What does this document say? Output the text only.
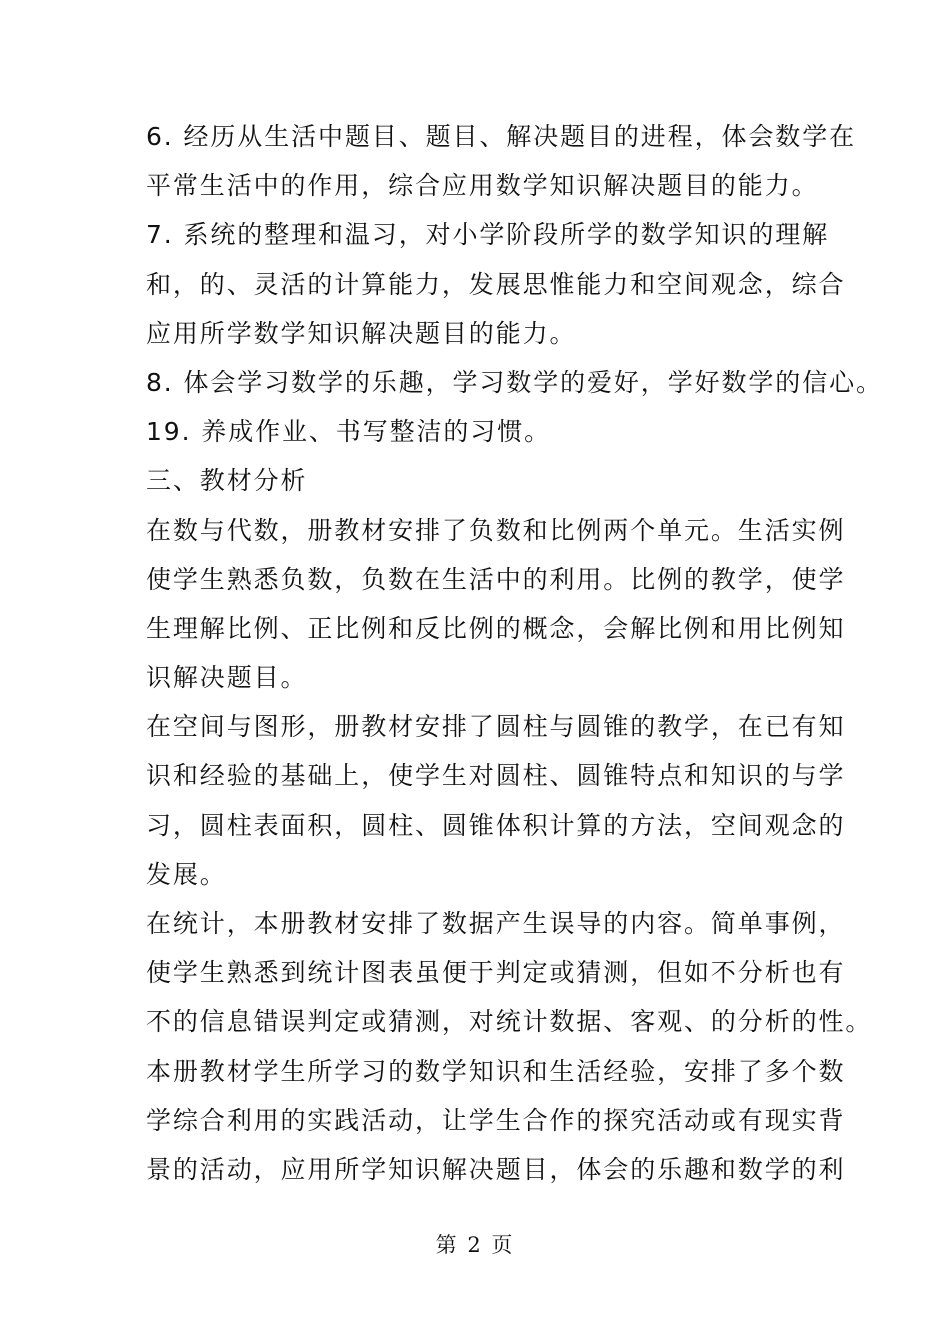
6. 经历从生活中题目、题目、解决题目的进程，体会数学在
平常生活中的作用，综合应用数学知识解决题目的能力。
7. 系统的整理和温习，对小学阶段所学的数学知识的理解
和，的、灵活的计算能力，发展思惟能力和空间观念，综合
应用所学数学知识解决题目的能力。
8. 体会学习数学的乐趣，学习数学的爱好，学好数学的信心。
19. 养成作业、书写整洁的习惯。
三、教材分析
在数与代数，册教材安排了负数和比例两个单元。生活实例
使学生熟悉负数，负数在生活中的利用。比例的教学，使学
生理解比例、正比例和反比例的概念，会解比例和用比例知
识解决题目。
在空间与图形，册教材安排了圆柱与圆锥的教学，在已有知
识和经验的基础上，使学生对圆柱、圆锥特点和知识的与学
习，圆柱表面积，圆柱、圆锥体积计算的方法，空间观念的
发展。
在统计，本册教材安排了数据产生误导的内容。简单事例，
使学生熟悉到统计图表虽便于判定或猜测，但如不分析也有
不的信息错误判定或猜测，对统计数据、客观、的分析的性。
本册教材学生所学习的数学知识和生活经验，安排了多个数
学综合利用的实践活动，让学生合作的探究活动或有现实背
景的活动，应用所学知识解决题目，体会的乐趣和数学的利
第 2 页
